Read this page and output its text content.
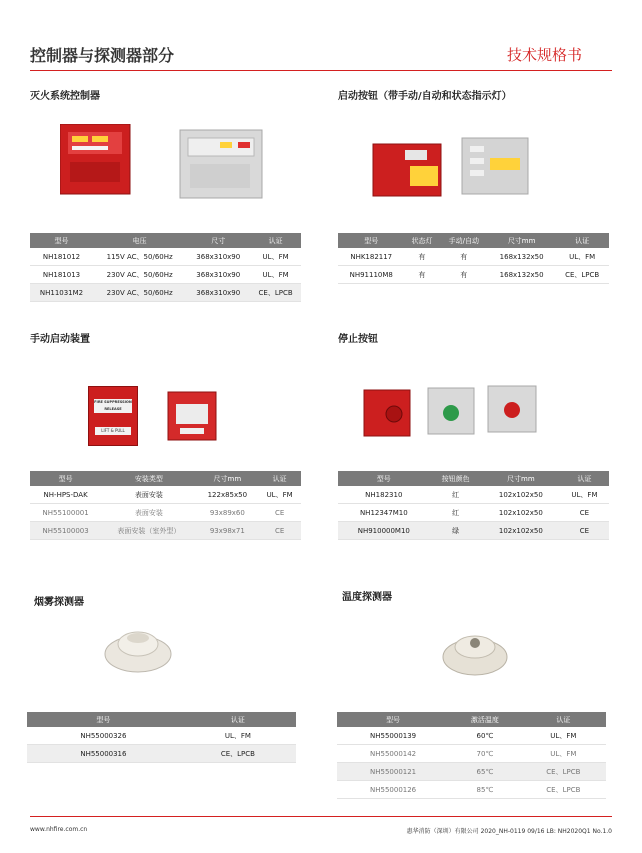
控制器与探测器部分	技术规格书
灭火系统控制器
型号	电压	尺寸	认证
NH181012	115V AC、50/60Hz	368x310x90	UL、FM
NH181013	230V AC、50/60Hz	368x310x90	UL、FM
NH11031M2	230V AC、50/60Hz	368x310x90	CE、LPCB
启动按钮（带手动/自动和状态指示灯）
型号	状态灯	手动/自动	尺寸mm	认证
NHK182117	有	有	168x132x50	UL、FM
NH91110M8	有	有	168x132x50	CE、LPCB
手动启动装置
FIRE SUPPRESSION RELEASE
LIFT & PULL
型号	安装类型	尺寸mm	认证
NH-HPS-DAK	表面安装	122x85x50	UL、FM
NH55100001	表面安装	93x89x60	CE
NH55100003	表面安装（室外型）	93x98x71	CE
停止按钮
型号	按钮颜色	尺寸mm	认证
NH182310	红	102x102x50	UL、FM
NH12347M10	红	102x102x50	CE
NH910000M10	绿	102x102x50	CE
烟雾探测器
型号	认证
NH55000326	UL、FM
NH55000316	CE、LPCB
温度探测器
型号	激活温度	认证
NH55000139	60℃	UL、FM
NH55000142	70℃	UL、FM
NH55000121	65℃	CE、LPCB
NH55000126	85℃	CE、LPCB
www.nhfire.com.cn	惠华消防（深圳）有限公司 2020_NH-0119 09/16 LB: NH2020Q1 No.1.0
